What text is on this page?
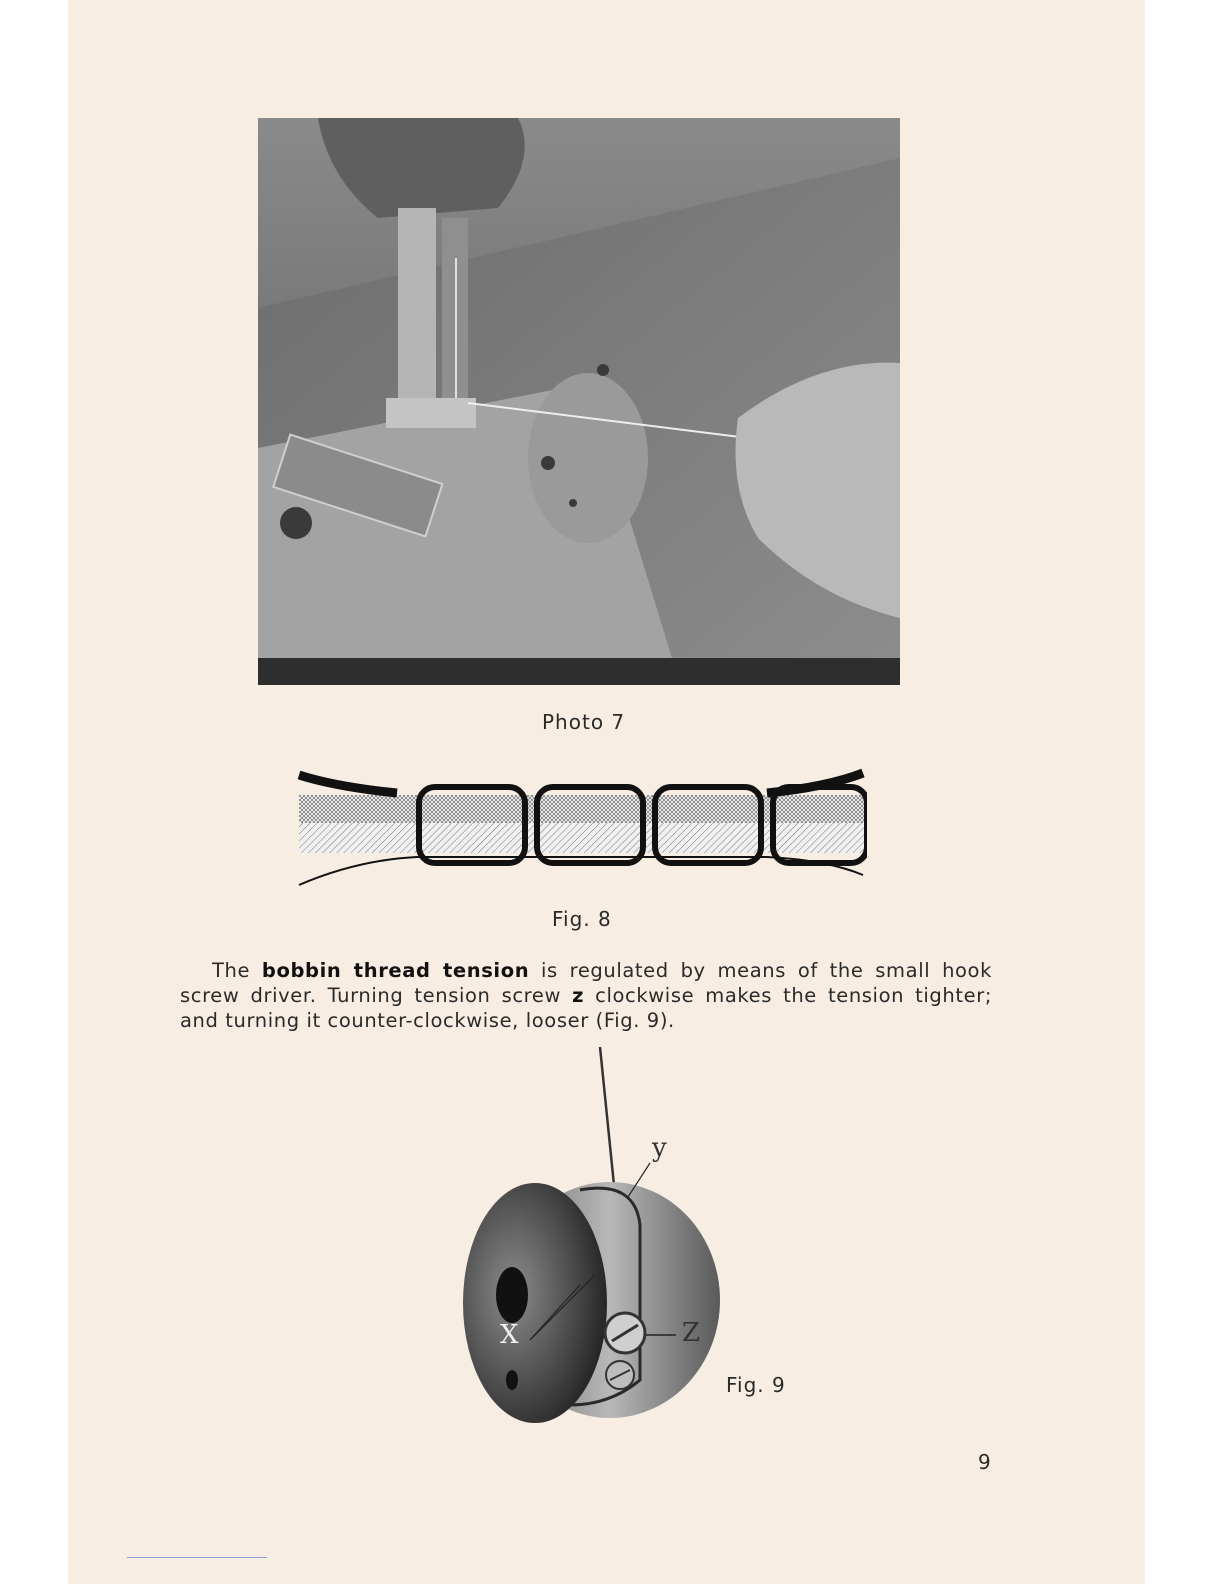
Photo 7
Fig. 8
The bobbin thread tension is regulated by means of the small hook screw driver. Turning tension screw z clockwise makes the tension tighter; and turning it counter-clockwise, looser (Fig. 9).
y
X	Z
Fig. 9
9
